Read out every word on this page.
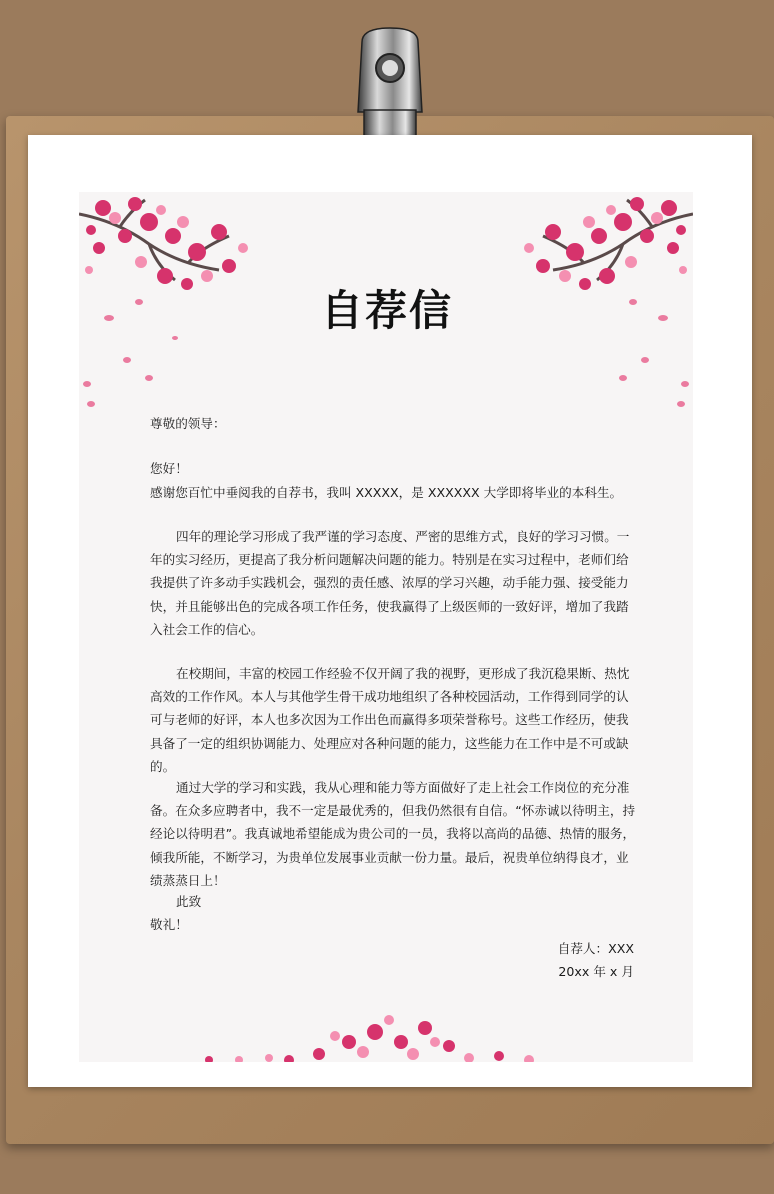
自荐信

尊敬的领导：

您好！

感谢您百忙中垂阅我的自荐书，我叫 XXXXX，是 XXXXXX 大学即将毕业的本科生。

四年的理论学习形成了我严谨的学习态度、严密的思维方式，良好的学习习惯。一年的实习经历，更提高了我分析问题解决问题的能力。特别是在实习过程中，老师们给我提供了许多动手实践机会，强烈的责任感、浓厚的学习兴趣，动手能力强、接受能力快，并且能够出色的完成各项工作任务，使我赢得了上级医师的一致好评，增加了我踏入社会工作的信心。

在校期间，丰富的校园工作经验不仅开阔了我的视野，更形成了我沉稳果断、热忱高效的工作作风。本人与其他学生骨干成功地组织了各种校园活动，工作得到同学的认可与老师的好评，本人也多次因为工作出色而赢得多项荣誉称号。这些工作经历，使我具备了一定的组织协调能力、处理应对各种问题的能力，这些能力在工作中是不可或缺的。

通过大学的学习和实践，我从心理和能力等方面做好了走上社会工作岗位的充分准备。在众多应聘者中，我不一定是最优秀的，但我仍然很有自信。“怀赤诚以待明主，持经论以待明君”。我真诚地希望能成为贵公司的一员，我将以高尚的品德、热情的服务，倾我所能，不断学习，为贵单位发展事业贡献一份力量。最后，祝贵单位纳得良才，业绩蒸蒸日上！

此致

敬礼！

自荐人：XXX

20xx 年 x 月
